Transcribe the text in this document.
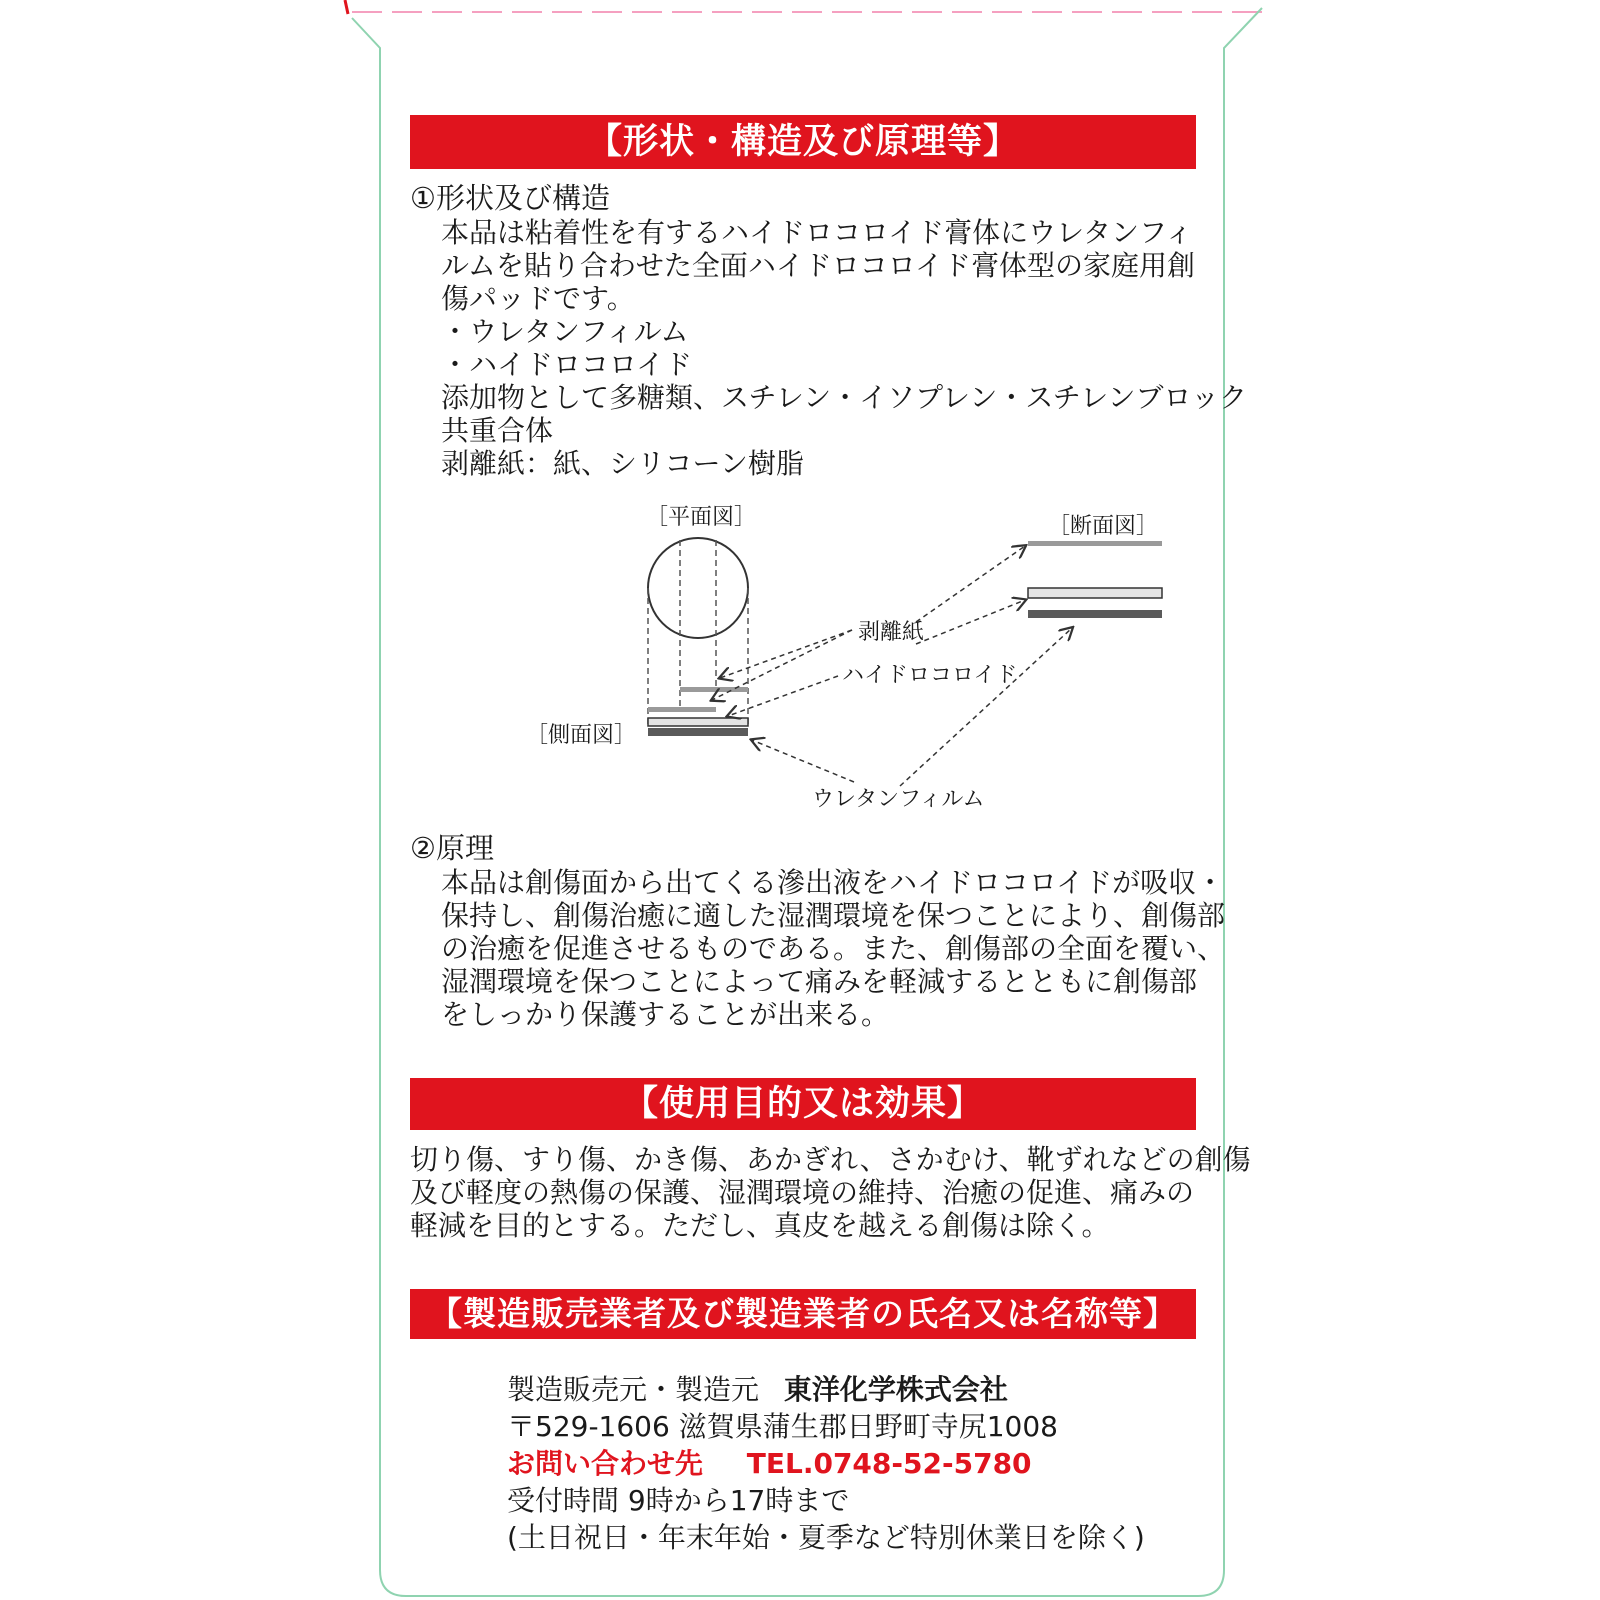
【形状・構造及び原理等】
①形状及び構造
本品は粘着性を有するハイドロコロイド膏体にウレタンフィ
ルムを貼り合わせた全面ハイドロコロイド膏体型の家庭用創
傷パッドです。
・ウレタンフィルム
・ハイドロコロイド
添加物として多糖類、スチレン・イソプレン・スチレンブロック
共重合体
剥離紙：紙、シリコーン樹脂
［平面図］	［断面図］
［側面図］
剥離紙
ハイドロコロイド
ウレタンフィルム
②原理
本品は創傷面から出てくる滲出液をハイドロコロイドが吸収・
保持し、創傷治癒に適した湿潤環境を保つことにより、創傷部
の治癒を促進させるものである。また、創傷部の全面を覆い、
湿潤環境を保つことによって痛みを軽減するとともに創傷部
をしっかり保護することが出来る。
【使用目的又は効果】
切り傷、すり傷、かき傷、あかぎれ、さかむけ、靴ずれなどの創傷
及び軽度の熱傷の保護、湿潤環境の維持、治癒の促進、痛みの
軽減を目的とする。ただし、真皮を越える創傷は除く。
【製造販売業者及び製造業者の氏名又は名称等】
製造販売元・製造元 東洋化学株式会社
〒529-1606 滋賀県蒲生郡日野町寺尻1008
お問い合わせ先 TEL.0748-52-5780
受付時間 9時から17時まで
(土日祝日・年末年始・夏季など特別休業日を除く)
